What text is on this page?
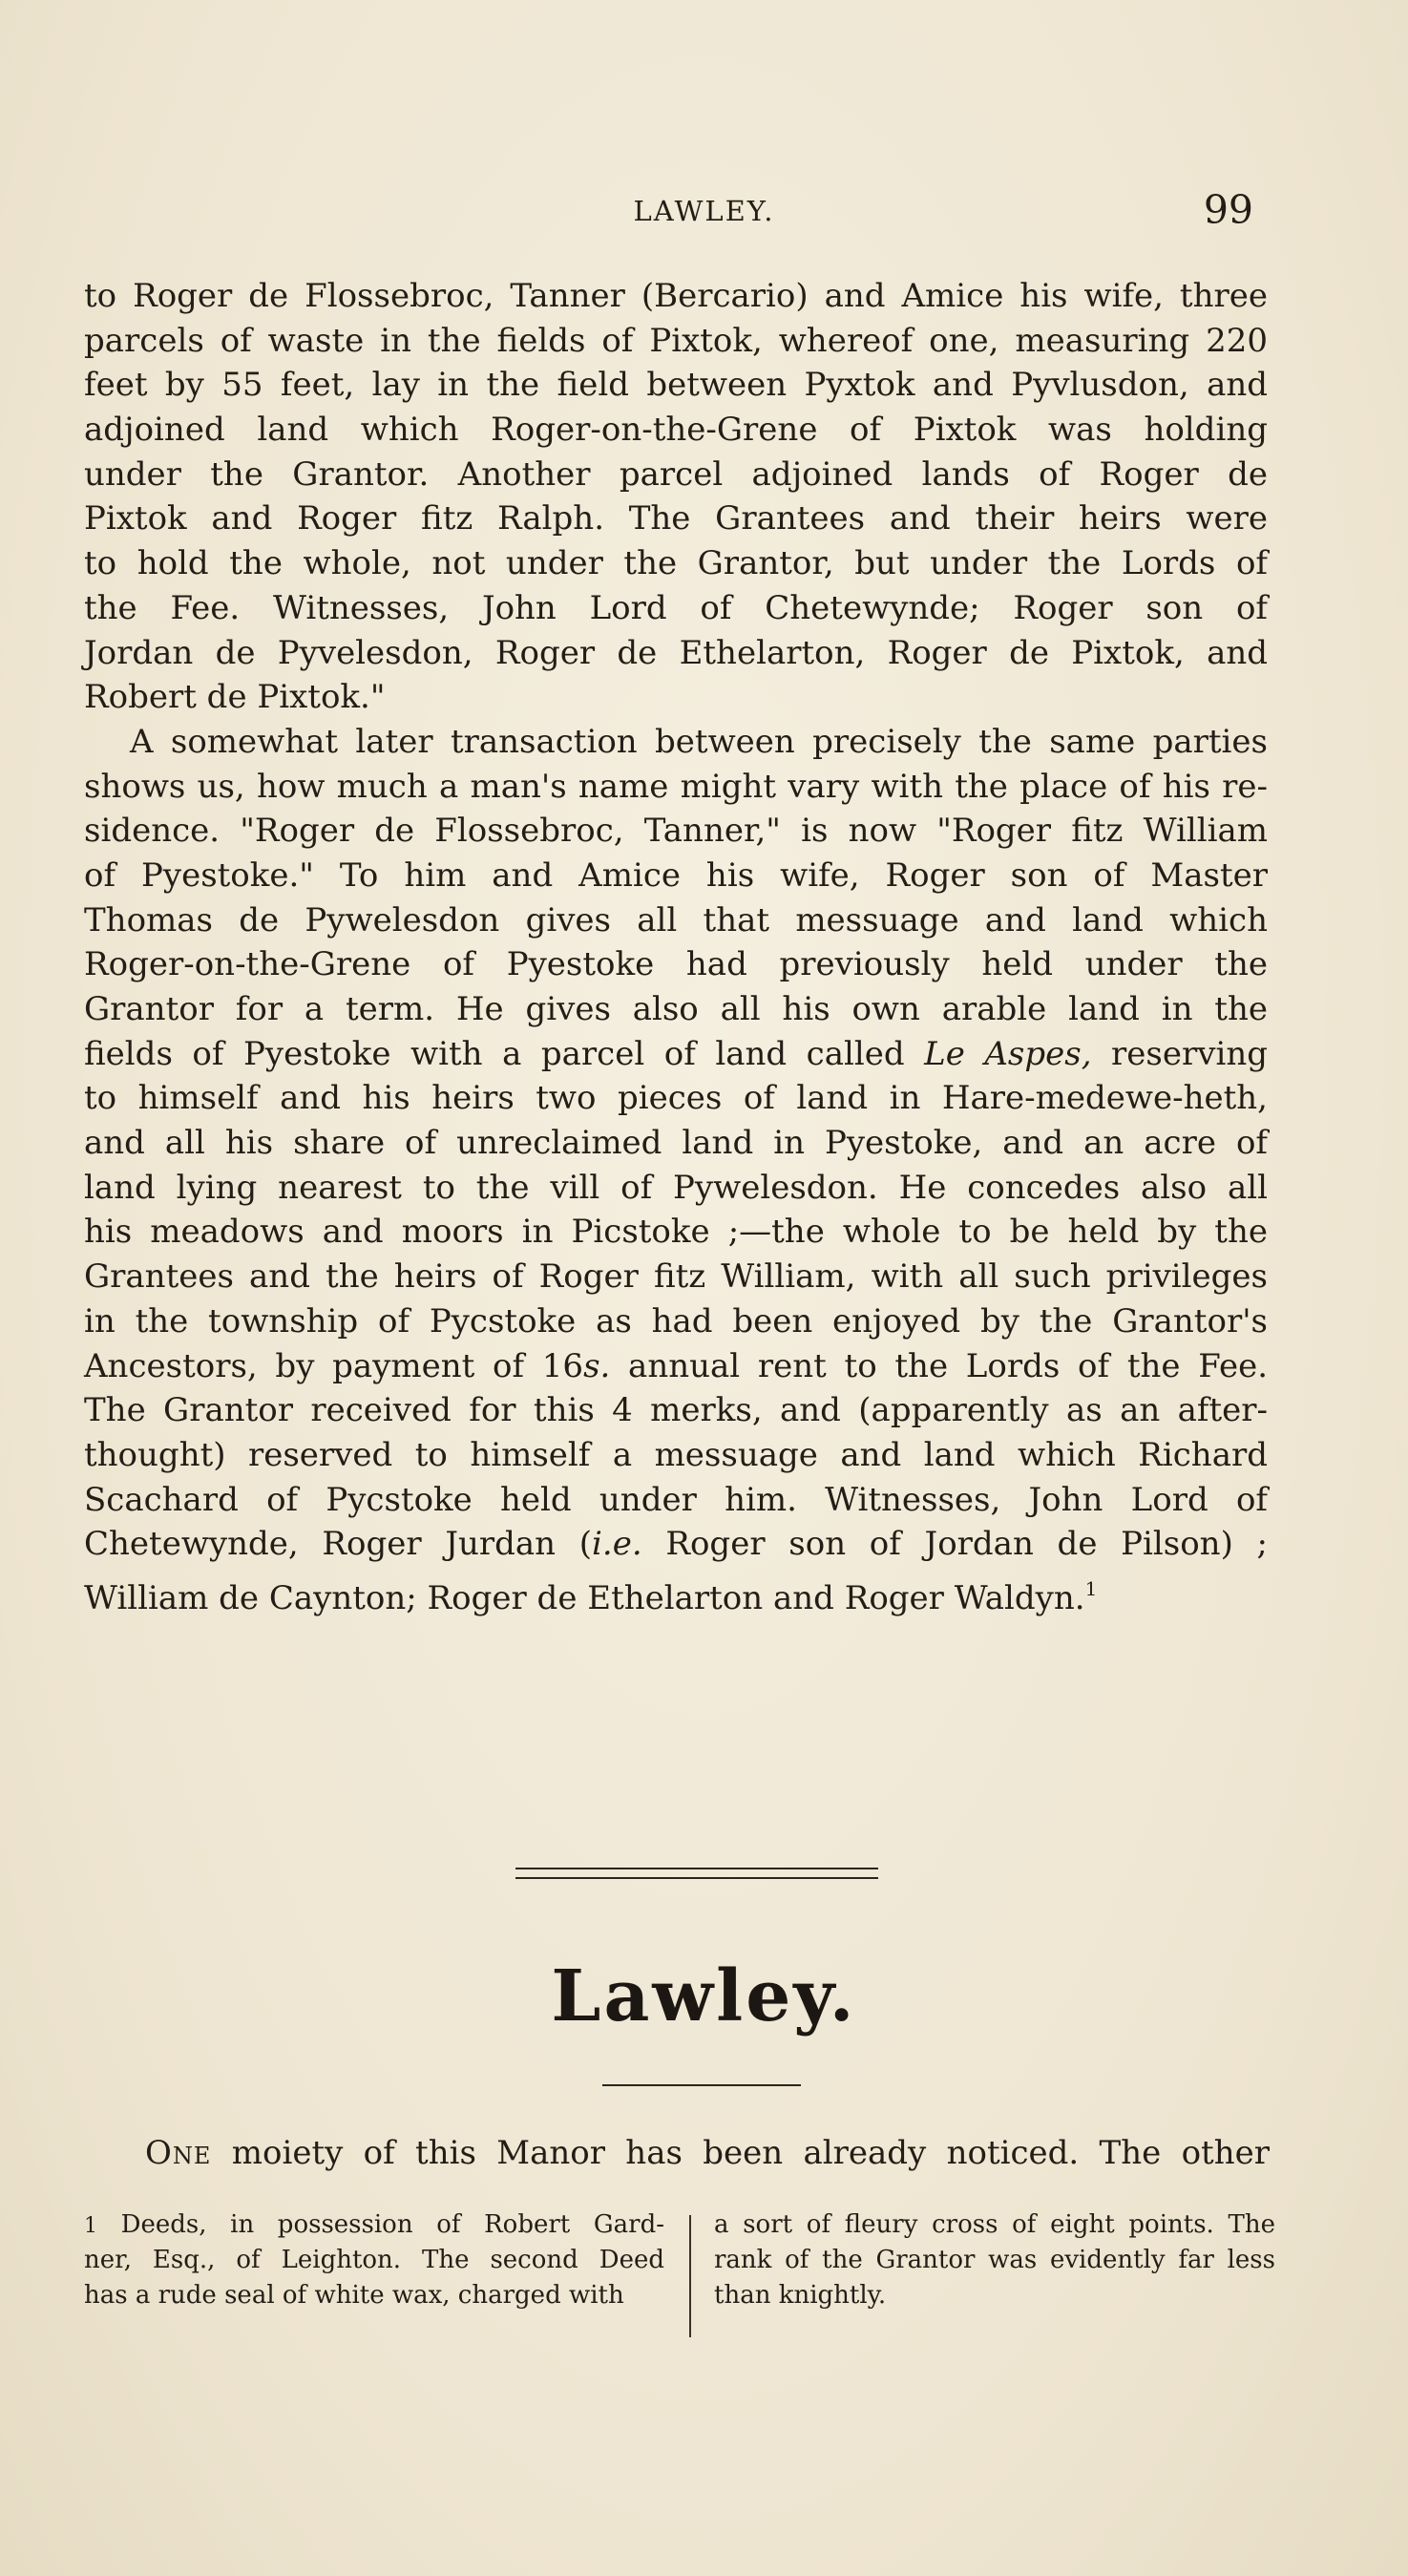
LAWLEY.	99
to Roger de Flossebroc, Tanner (Bercario) and Amice his wife, three
parcels of waste in the fields of Pixtok, whereof one, measuring 220
feet by 55 feet, lay in the field between Pyxtok and Pyvlusdon, and
adjoined land which Roger-on-the-Grene of Pixtok was holding
under the Grantor. Another parcel adjoined lands of Roger de
Pixtok and Roger fitz Ralph. The Grantees and their heirs were
to hold the whole, not under the Grantor, but under the Lords of
the Fee. Witnesses, John Lord of Chetewynde; Roger son of
Jordan de Pyvelesdon, Roger de Ethelarton, Roger de Pixtok, and
Robert de Pixtok."
A somewhat later transaction between precisely the same parties
shows us, how much a man's name might vary with the place of his re-
sidence. "Roger de Flossebroc, Tanner," is now "Roger fitz William
of Pyestoke." To him and Amice his wife, Roger son of Master
Thomas de Pywelesdon gives all that messuage and land which
Roger-on-the-Grene of Pyestoke had previously held under the
Grantor for a term. He gives also all his own arable land in the
fields of Pyestoke with a parcel of land called Le Aspes, reserving
to himself and his heirs two pieces of land in Hare-medewe-heth,
and all his share of unreclaimed land in Pyestoke, and an acre of
land lying nearest to the vill of Pywelesdon. He concedes also all
his meadows and moors in Picstoke ;—the whole to be held by the
Grantees and the heirs of Roger fitz William, with all such privileges
in the township of Pycstoke as had been enjoyed by the Grantor's
Ancestors, by payment of 16s. annual rent to the Lords of the Fee.
The Grantor received for this 4 merks, and (apparently as an after-
thought) reserved to himself a messuage and land which Richard
Scachard of Pycstoke held under him. Witnesses, John Lord of
Chetewynde, Roger Jurdan (i.e. Roger son of Jordan de Pilson) ;
William de Caynton; Roger de Ethelarton and Roger Waldyn.$^1$
Lawley.
One moiety of this Manor has been already noticed. The other
1 Deeds, in possession of Robert Gard-
ner, Esq., of Leighton. The second Deed
has a rude seal of white wax, charged with
a sort of fleury cross of eight points. The
rank of the Grantor was evidently far less
than knightly.
